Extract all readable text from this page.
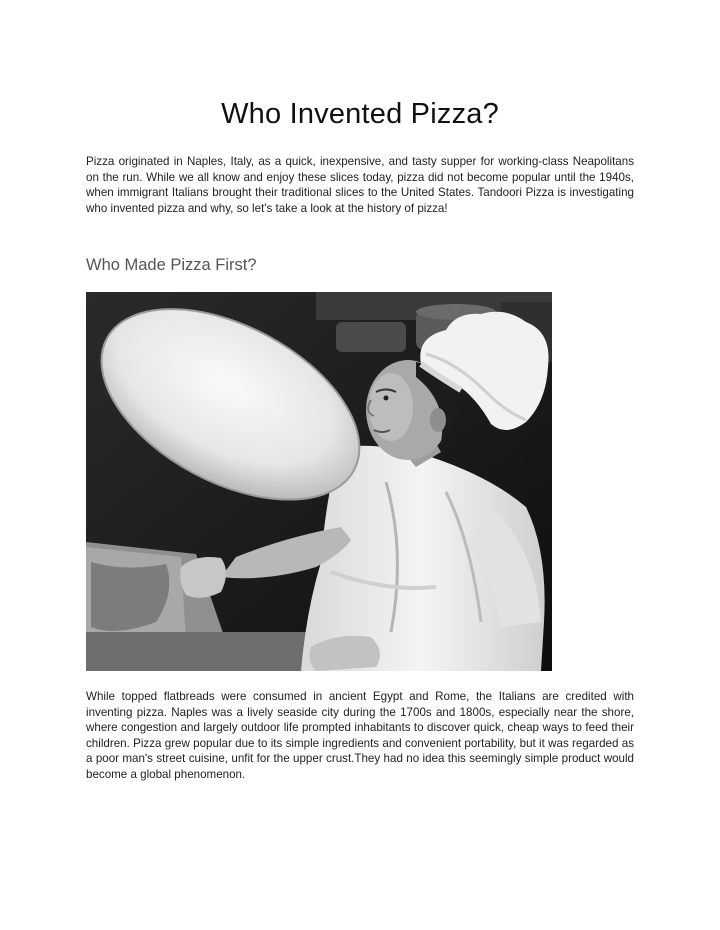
Who Invented Pizza?

Pizza originated in Naples, Italy, as a quick, inexpensive, and tasty supper for working-class Neapolitans on the run. While we all know and enjoy these slices today, pizza did not become popular until the 1940s, when immigrant Italians brought their traditional slices to the United States. Tandoori Pizza is investigating who invented pizza and why, so let's take a look at the history of pizza!

Who Made Pizza First?

While topped flatbreads were consumed in ancient Egypt and Rome, the Italians are credited with inventing pizza. Naples was a lively seaside city during the 1700s and 1800s, especially near the shore, where congestion and largely outdoor life prompted inhabitants to discover quick, cheap ways to feed their children. Pizza grew popular due to its simple ingredients and convenient portability, but it was regarded as a poor man's street cuisine, unfit for the upper crust.They had no idea this seemingly simple product would become a global phenomenon.
